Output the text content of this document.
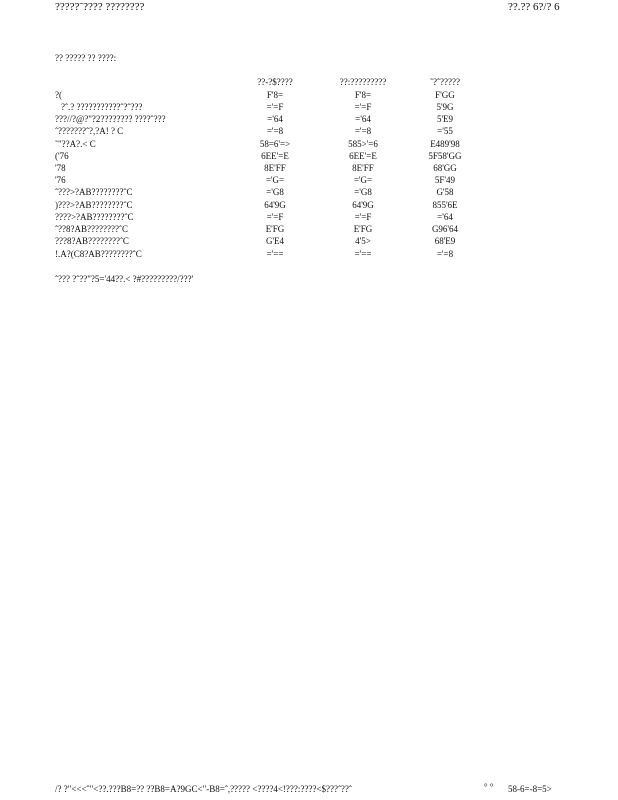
?????˜???? ????????	??.?? 6?/? 6
?? ????? ?? ????:
??-?$????	??:?????????	˜?ˆ?????
?(	F'8=	F'8=	F'GG
?ˆ.? ???????????ˆ?ˆ???	='=F	='=F	5'9G
???//?@?"?2???????? ????ˆ???	='64	='64	5'E9
ˆ???????ˆ?,?A! ? C	='=8	='=8	='55
˜"??A?.< C	58=6'=>	585>'=6	E489'98
('76	6EE'=E	6EE'=E	5F58'GG
'78	8E'FF	8E'FF	68'GG
'76	='G=	='G=	5F'49
ˆ???>?AB????????ˆC	='G8	='G8	G'58
)???>?AB????????ˆC	64'9G	64'9G	855'6E
????>?AB????????ˆC	='=F	='=F	='64
ˆ??8?AB????????ˆC	E'FG	E'FG	G96'64
???8?AB????????ˆC	G'E4	4'5>	68'E9
!.A?(C8?AB????????ˆC	='==	='==	='=8
ˆ??? ?ˆ??"?5='44??.< ?#?????????/???'
/? ?"<<<ˆ"<??.???B8=?? ??B8=A?9GC<"-B8=ˆ,????? <????4<!???:????<$???ˆ??ˆ	° ° 58-6=-8=5>
